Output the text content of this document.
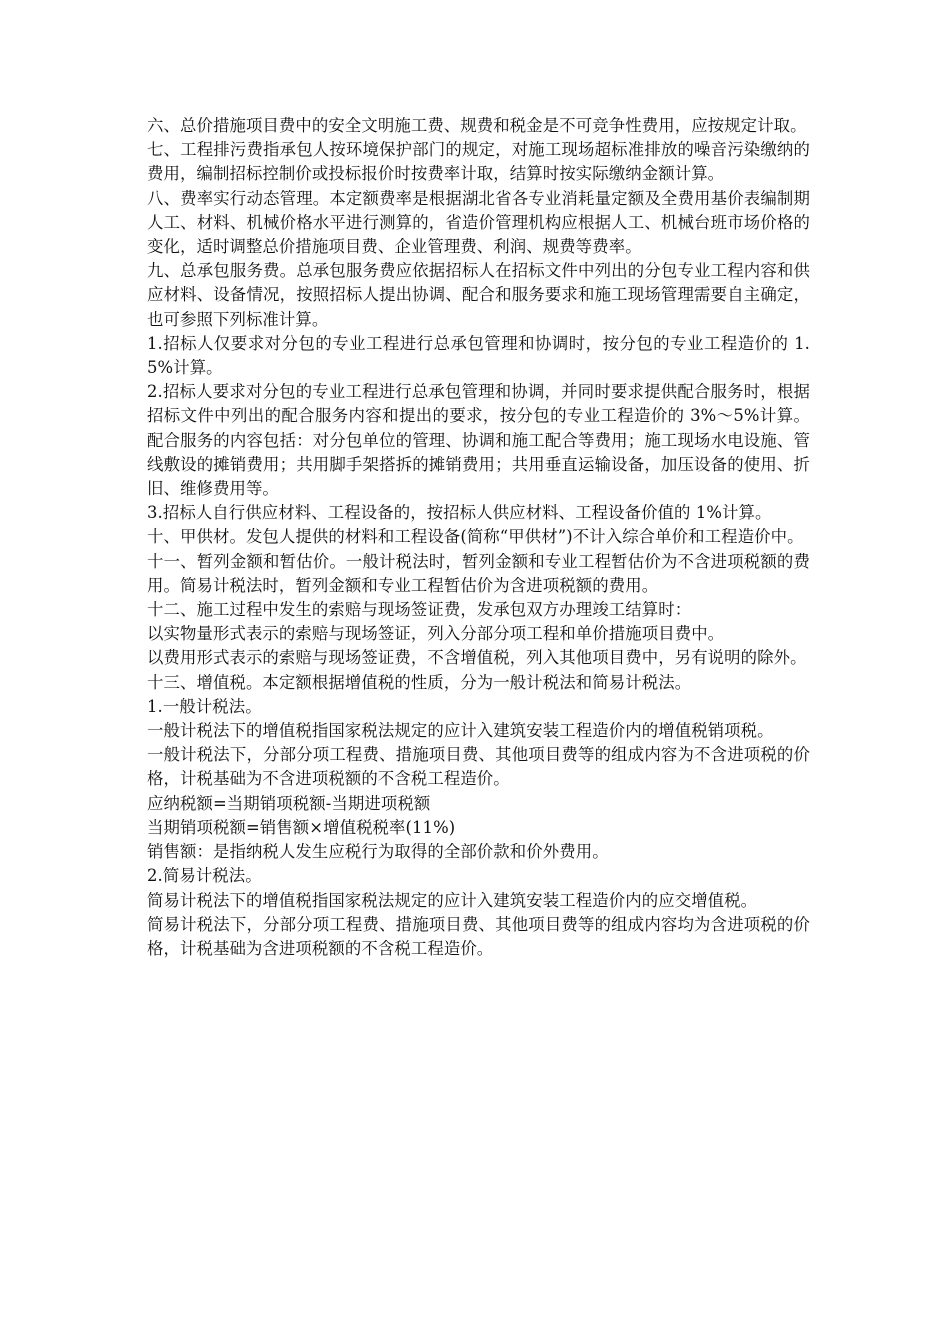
六、总价措施项目费中的安全文明施工费、规费和税金是不可竞争性费用，应按规定计取。

七、工程排污费指承包人按环境保护部门的规定，对施工现场超标准排放的噪音污染缴纳的费用，编制招标控制价或投标报价时按费率计取，结算时按实际缴纳金额计算。

八、费率实行动态管理。本定额费率是根据湖北省各专业消耗量定额及全费用基价表编制期人工、材料、机械价格水平进行测算的，省造价管理机构应根据人工、机械台班市场价格的变化，适时调整总价措施项目费、企业管理费、利润、规费等费率。

九、总承包服务费。总承包服务费应依据招标人在招标文件中列出的分包专业工程内容和供应材料、设备情况，按照招标人提出协调、配合和服务要求和施工现场管理需要自主确定，也可参照下列标准计算。

1.招标人仅要求对分包的专业工程进行总承包管理和协调时，按分包的专业工程造价的 1.5%计算。

2.招标人要求对分包的专业工程进行总承包管理和协调，并同时要求提供配合服务时，根据招标文件中列出的配合服务内容和提出的要求，按分包的专业工程造价的 3%～5%计算。配合服务的内容包括：对分包单位的管理、协调和施工配合等费用；施工现场水电设施、管线敷设的摊销费用；共用脚手架搭拆的摊销费用；共用垂直运输设备，加压设备的使用、折旧、维修费用等。

3.招标人自行供应材料、工程设备的，按招标人供应材料、工程设备价值的 1%计算。

十、甲供材。发包人提供的材料和工程设备(简称“甲供材”)不计入综合单价和工程造价中。

十一、暂列金额和暂估价。一般计税法时，暂列金额和专业工程暂估价为不含进项税额的费用。简易计税法时，暂列金额和专业工程暂估价为含进项税额的费用。

十二、施工过程中发生的索赔与现场签证费，发承包双方办理竣工结算时：

以实物量形式表示的索赔与现场签证，列入分部分项工程和单价措施项目费中。

以费用形式表示的索赔与现场签证费，不含增值税，列入其他项目费中，另有说明的除外。

十三、增值税。本定额根据增值税的性质，分为一般计税法和简易计税法。

1.一般计税法。

一般计税法下的增值税指国家税法规定的应计入建筑安装工程造价内的增值税销项税。

一般计税法下，分部分项工程费、措施项目费、其他项目费等的组成内容为不含进项税的价格，计税基础为不含进项税额的不含税工程造价。

应纳税额=当期销项税额-当期进项税额

当期销项税额=销售额×增值税税率(11%)

销售额：是指纳税人发生应税行为取得的全部价款和价外费用。

2.简易计税法。

简易计税法下的增值税指国家税法规定的应计入建筑安装工程造价内的应交增值税。

简易计税法下，分部分项工程费、措施项目费、其他项目费等的组成内容均为含进项税的价格，计税基础为含进项税额的不含税工程造价。
